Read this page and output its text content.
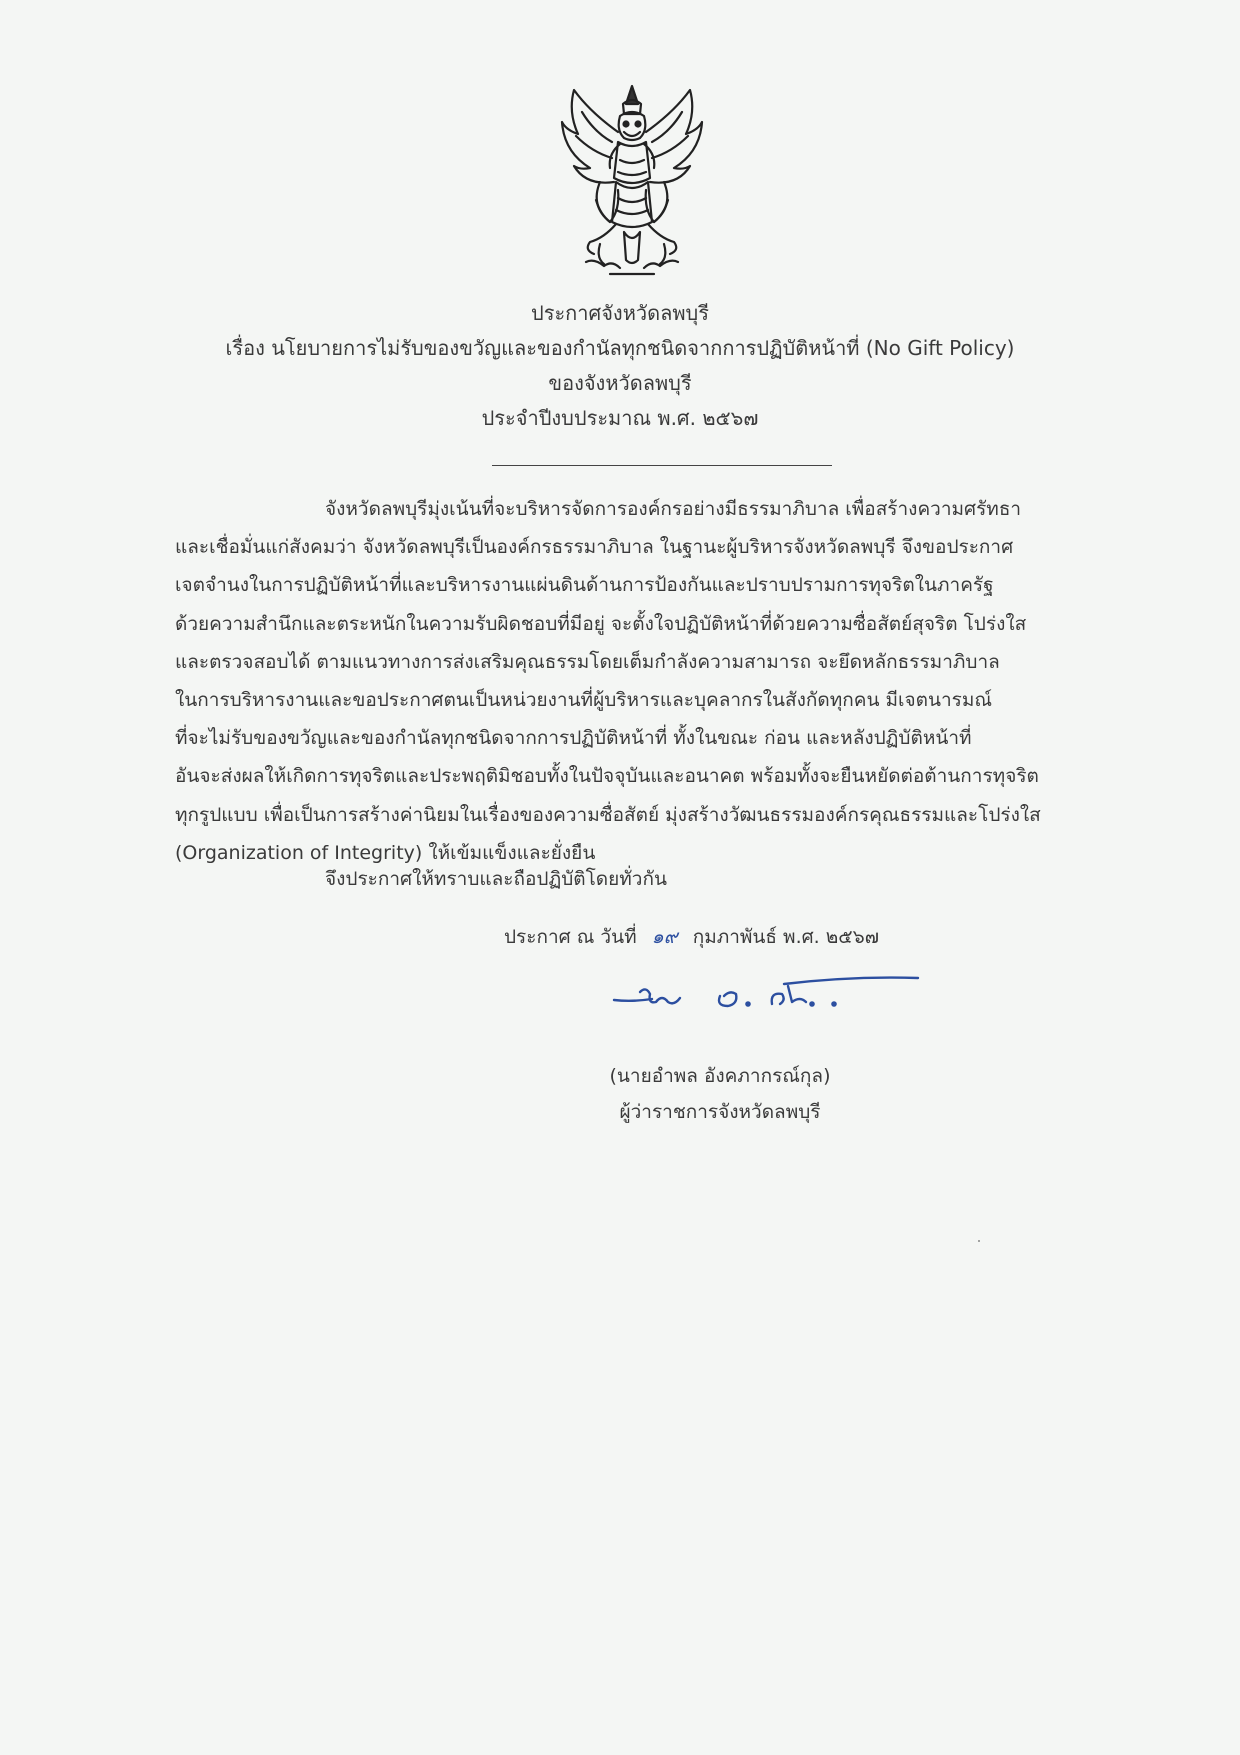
ประกาศจังหวัดลพบุรี
เรื่อง นโยบายการไม่รับของขวัญและของกำนัลทุกชนิดจากการปฏิบัติหน้าที่ (No Gift Policy)
ของจังหวัดลพบุรี
ประจำปีงบประมาณ พ.ศ. ๒๕๖๗
จังหวัดลพบุรีมุ่งเน้นที่จะบริหารจัดการองค์กรอย่างมีธรรมาภิบาล เพื่อสร้างความศรัทธา
และเชื่อมั่นแก่สังคมว่า จังหวัดลพบุรีเป็นองค์กรธรรมาภิบาล ในฐานะผู้บริหารจังหวัดลพบุรี จึงขอประกาศ
เจตจำนงในการปฏิบัติหน้าที่และบริหารงานแผ่นดินด้านการป้องกันและปราบปรามการทุจริตในภาครัฐ
ด้วยความสำนึกและตระหนักในความรับผิดชอบที่มีอยู่ จะตั้งใจปฏิบัติหน้าที่ด้วยความซื่อสัตย์สุจริต โปร่งใส
และตรวจสอบได้ ตามแนวทางการส่งเสริมคุณธรรมโดยเต็มกำลังความสามารถ จะยึดหลักธรรมาภิบาล
ในการบริหารงานและขอประกาศตนเป็นหน่วยงานที่ผู้บริหารและบุคลากรในสังกัดทุกคน มีเจตนารมณ์
ที่จะไม่รับของขวัญและของกำนัลทุกชนิดจากการปฏิบัติหน้าที่ ทั้งในขณะ ก่อน และหลังปฏิบัติหน้าที่
อันจะส่งผลให้เกิดการทุจริตและประพฤติมิชอบทั้งในปัจจุบันและอนาคต พร้อมทั้งจะยืนหยัดต่อต้านการทุจริต
ทุกรูปแบบ เพื่อเป็นการสร้างค่านิยมในเรื่องของความซื่อสัตย์ มุ่งสร้างวัฒนธรรมองค์กรคุณธรรมและโปร่งใส
(Organization of Integrity) ให้เข้มแข็งและยั่งยืน
จึงประกาศให้ทราบและถือปฏิบัติโดยทั่วกัน
ประกาศ ณ วันที่ ๑๙ กุมภาพันธ์ พ.ศ. ๒๕๖๗
(นายอำพล อังคภากรณ์กุล)
ผู้ว่าราชการจังหวัดลพบุรี
